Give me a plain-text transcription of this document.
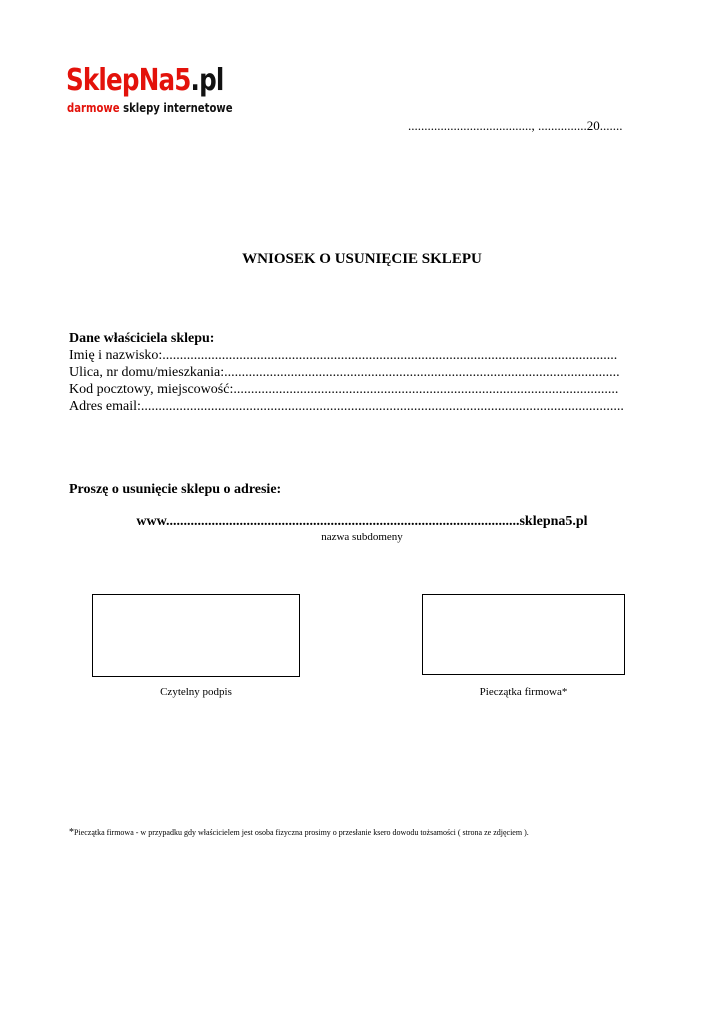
SklepNa5.pl
darmowe sklepy internetowe
......................................, ...............20.......
WNIOSEK O USUNIĘCIE SKLEPU
Dane właściciela sklepu:
Imię i nazwisko:..................................................................................................................................
Ulica, nr domu/mieszkania:.................................................................................................................
Kod pocztowy, miejscowość:..............................................................................................................
Adres email:..........................................................................................................................................
Proszę o usunięcie sklepu o adresie:
www.....................................................................................................sklepna5.pl
nazwa subdomeny
Czytelny podpis	Pieczątka firmowa*
*Pieczątka firmowa - w przypadku gdy właścicielem jest osoba fizyczna prosimy o przesłanie ksero dowodu tożsamości ( strona ze zdjęciem ).
